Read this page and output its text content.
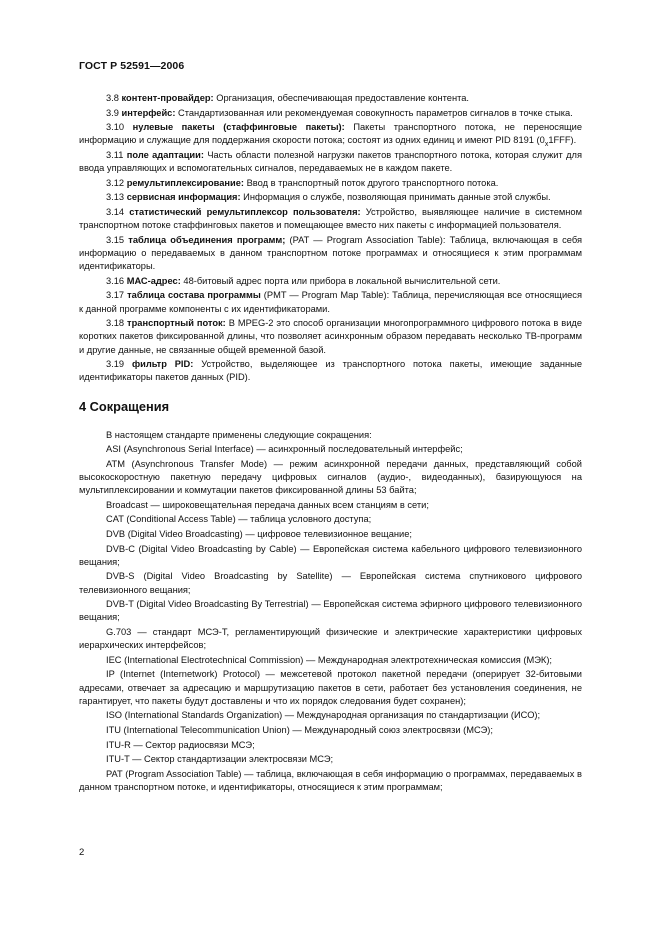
ГОСТ Р 52591—2006

3.8 контент-провайдер: Организация, обеспечивающая предоставление контента.

3.9 интерфейс: Стандартизованная или рекомендуемая совокупность параметров сигналов в точке стыка.

3.10 нулевые пакеты (стаффинговые пакеты): Пакеты транспортного потока, не переносящие информацию и служащие для поддержания скорости потока; состоят из одних единиц и имеют PID 8191 $(0_x1FFF)$.

3.11 поле адаптации: Часть области полезной нагрузки пакетов транспортного потока, которая служит для ввода управляющих и вспомогательных сигналов, передаваемых не в каждом пакете.

3.12 ремультиплексирование: Ввод в транспортный поток другого транспортного потока.

3.13 сервисная информация: Информация о службе, позволяющая принимать данные этой службы.

3.14 статистический ремультиплексор пользователя: Устройство, выявляющее наличие в системном транспортном потоке стаффинговых пакетов и помещающее вместо них пакеты с информацией пользователя.

3.15 таблица объединения программ; (PAT — Program Association Table): Таблица, включающая в себя информацию о передаваемых в данном транспортном потоке программах и относящиеся к этим программам идентификаторы.

3.16 МАС-адрес: 48-битовый адрес порта или прибора в локальной вычислительной сети.

3.17 таблица состава программы (PMT — Program Map Table): Таблица, перечисляющая все относящиеся к данной программе компоненты с их идентификаторами.

3.18 транспортный поток: В MPEG-2 это способ организации многопрограммного цифрового потока в виде коротких пакетов фиксированной длины, что позволяет асинхронным образом передавать несколько ТВ-программ и другие данные, не связанные общей временной базой.

3.19 фильтр PID: Устройство, выделяющее из транспортного потока пакеты, имеющие заданные идентификаторы пакетов данных (PID).

4 Сокращения

В настоящем стандарте применены следующие сокращения:

ASI (Asynchronous Serial Interface) — асинхронный последовательный интерфейс;

ATM (Asynchronous Transfer Mode) — режим асинхронной передачи данных, представляющий собой высокоскоростную пакетную передачу цифровых сигналов (аудио-, видеоданных), базирующуюся на мультиплексировании и коммутации пакетов фиксированной длины 53 байта;

Broadcast — широковещательная передача данных всем станциям в сети;

CAT (Conditional Access Table) — таблица условного доступа;

DVB (Digital Video Broadcasting) — цифровое телевизионное вещание;

DVB-C (Digital Video Broadcasting by Cable) — Европейская система кабельного цифрового телевизионного вещания;

DVB-S (Digital Video Broadcasting by Satellite) — Европейская система спутникового цифрового телевизионного вещания;

DVB-T (Digital Video Broadcasting By Terrestrial) — Европейская система эфирного цифрового телевизионного вещания;

G.703 — стандарт МСЭ-Т, регламентирующий физические и электрические характеристики цифровых иерархических интерфейсов;

IEC (International Electrotechnical Commission) — Международная электротехническая комиссия (МЭК);

IP (Internet (Internetwork) Protocol) — межсетевой протокол пакетной передачи (оперирует 32-битовыми адресами, отвечает за адресацию и маршрутизацию пакетов в сети, работает без установления соединения, не гарантирует, что пакеты будут доставлены и что их порядок следования будет сохранен);

ISO (International Standards Organization) — Международная организация по стандартизации (ИСО);

ITU (International Telecommunication Union) — Международный союз электросвязи (МСЭ);

ITU-R — Сектор радиосвязи МСЭ;

ITU-T — Сектор стандартизации электросвязи МСЭ;

PAT (Program Association Table) — таблица, включающая в себя информацию о программах, передаваемых в данном транспортном потоке, и идентификаторы, относящиеся к этим программам;

2
